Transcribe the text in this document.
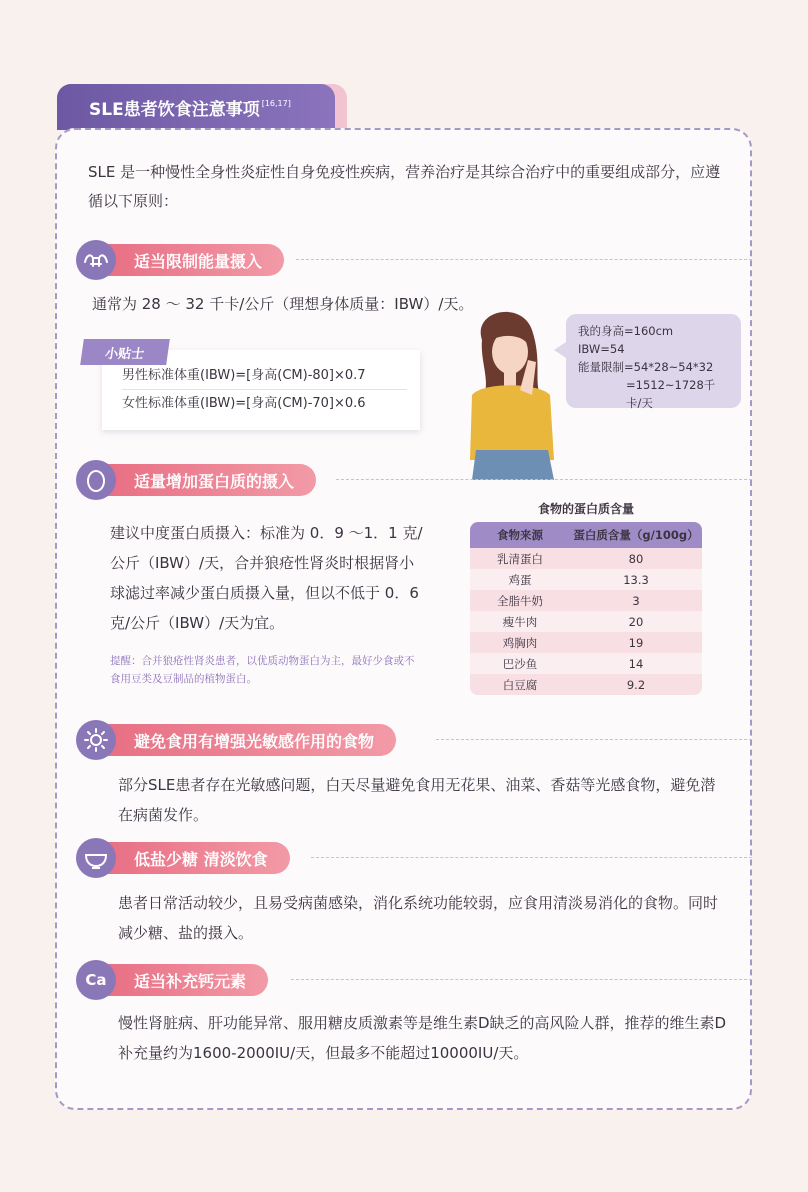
SLE患者饮食注意事项 [16,17]
SLE 是一种慢性全身性炎症性自身免疫性疾病，营养治疗是其综合治疗中的重要组成部分，应遵循以下原则：
适当限制能量摄入
通常为 28 ～ 32 千卡/公斤（理想身体质量：IBW）/天。
男性标准体重(IBW)=[身高(CM)-80]×0.7
女性标准体重(IBW)=[身高(CM)-70]×0.6
小贴士
我的身高=160cm
IBW=54
能量限制=54*28~54*32
=1512~1728千卡/天
适量增加蛋白质的摄入
建议中度蛋白质摄入：标准为 0．9 ～1．1 克/公斤（IBW）/天，合并狼疮性肾炎时根据肾小球滤过率减少蛋白质摄入量，但以不低于 0．6克/公斤（IBW）/天为宜。
提醒：合并狼疮性肾炎患者，以优质动物蛋白为主，最好少食或不食用豆类及豆制品的植物蛋白。
食物的蛋白质含量
食物来源	蛋白质含量（g/100g）
乳清蛋白	80
鸡蛋	13.3
全脂牛奶	3
瘦牛肉	20
鸡胸肉	19
巴沙鱼	14
白豆腐	9.2
避免食用有增强光敏感作用的食物
部分SLE患者存在光敏感问题，白天尽量避免食用无花果、油菜、香菇等光感食物，避免潜在病菌发作。
低盐少糖 清淡饮食
患者日常活动较少，且易受病菌感染，消化系统功能较弱，应食用清淡易消化的食物。同时减少糖、盐的摄入。
Ca	适当补充钙元素
慢性肾脏病、肝功能异常、服用糖皮质激素等是维生素D缺乏的高风险人群，推荐的维生素D补充量约为1600-2000IU/天，但最多不能超过10000IU/天。
